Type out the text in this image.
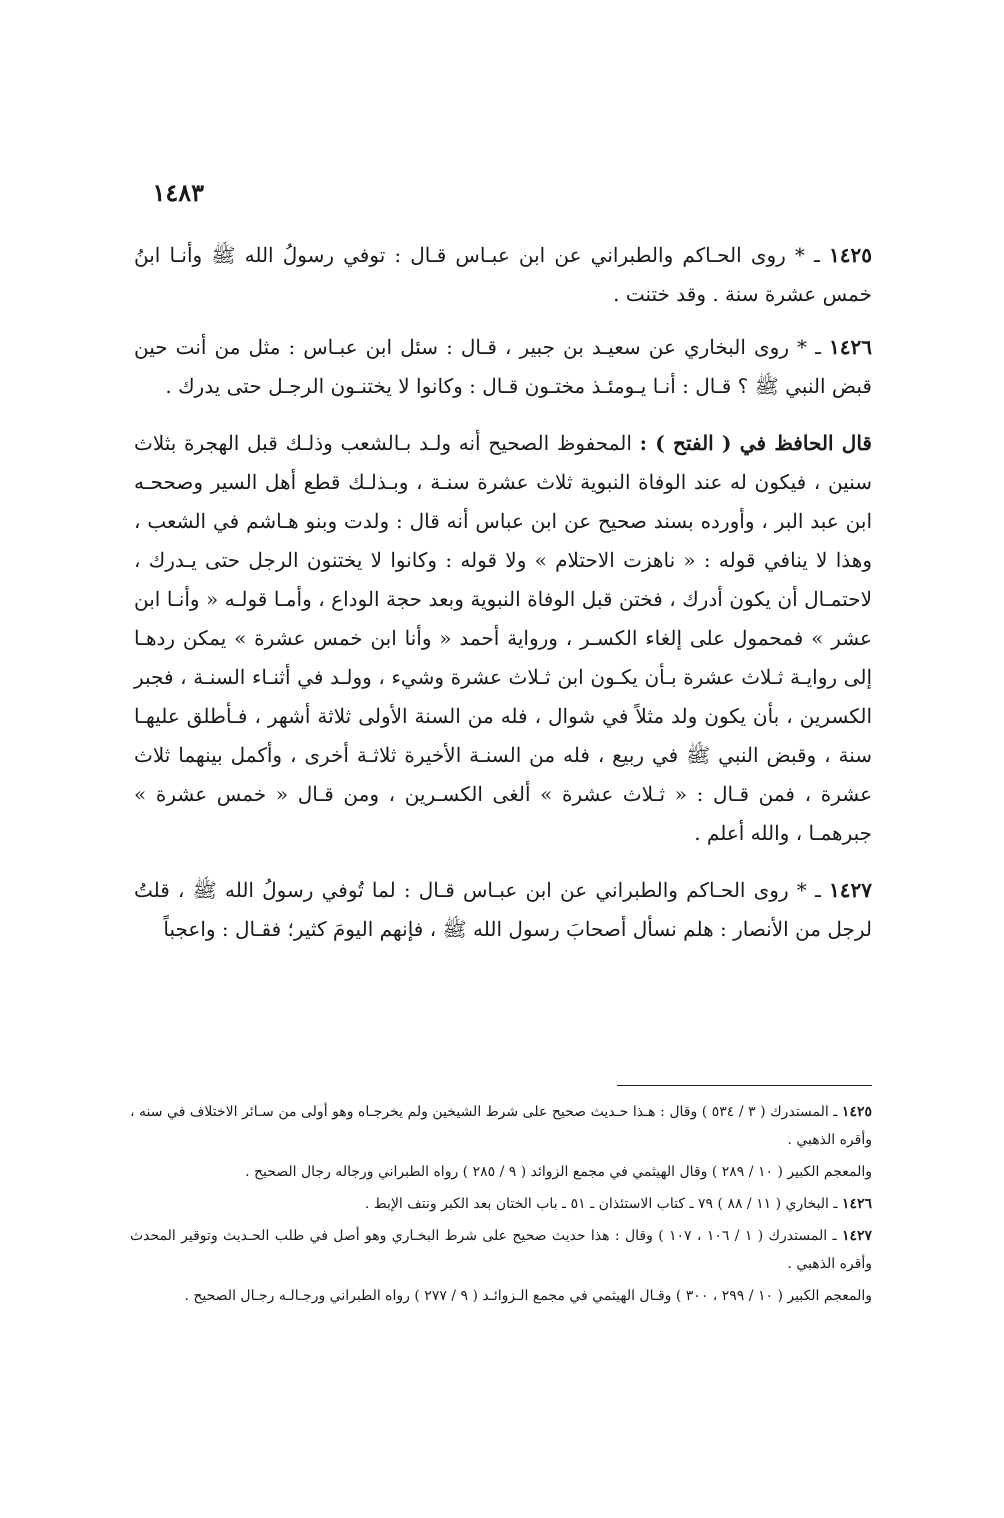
١٤٨٣

١٤٢٥ ـ * روى الحـاكم والطبراني عن ابن عبـاس قـال : توفي رسولُ الله ﷺ وأنـا ابنُ خمس عشرة سنة . وقد ختنت .

١٤٢٦ ـ * روى البخاري عن سعيـد بن جبير ، قـال : سئل ابن عبـاس : مثل من أنت حين قبض النبي ﷺ ؟ قـال : أنـا يـومئـذ مختـون قـال : وكانوا لا يختنـون الرجـل حتى يدرك .

قال الحافظ في ( الفتح ) : المحفوظ الصحيح أنه ولـد بـالشعب وذلـك قبل الهجرة بثلاث سنين ، فيكون له عند الوفاة النبوية ثلاث عشرة سنـة ، وبـذلـك قطع أهل السير وصححـه ابن عبد البر ، وأورده بسند صحيح عن ابن عباس أنه قال : ولدت وبنو هـاشم في الشعب ، وهذا لا ينافي قوله : « ناهزت الاحتلام » ولا قوله : وكانوا لا يختنون الرجل حتى يـدرك ، لاحتمـال أن يكون أدرك ، فختن قبل الوفاة النبوية وبعد حجة الوداع ، وأمـا قولـه « وأنـا ابن عشر » فمحمول على إلغاء الكسـر ، ورواية أحمد « وأنا ابن خمس عشرة » يمكن ردهـا إلى روايـة ثـلاث عشرة بـأن يكـون ابن ثـلاث عشرة وشيء ، وولـد في أثنـاء السنـة ، فجبر الكسرين ، بأن يكون ولد مثلاً في شوال ، فله من السنة الأولى ثلاثة أشهر ، فـأطلق عليهـا سنة ، وقبض النبي ﷺ في ربيع ، فله من السنـة الأخيرة ثلاثـة أخرى ، وأكمل بينهما ثلاث عشرة ، فمن قـال : « ثـلاث عشرة » ألغى الكسـرين ، ومن قـال « خمس عشرة » جبرهمـا ، والله أعلم .

١٤٢٧ ـ * روى الحـاكم والطبراني عن ابن عبـاس قـال : لما تُوفي رسولُ الله ﷺ ، قلتُ لرجل من الأنصار : هلم نسأل أصحابَ رسول الله ﷺ ، فإنهم اليومَ كثير؛ فقـال : واعجباً

١٤٢٥ ـ المستدرك ( ٣ / ٥٣٤ ) وقال : هـذا حـديث صحيح على شرط الشيخين ولم يخرجـاه وهو أولى من سـائر الاختلاف في سنه ، وأقره الذهبي .

والمعجم الكبير ( ١٠ / ٢٨٩ ) وقال الهيثمي في مجمع الزوائد ( ٩ / ٢٨٥ ) رواه الطبراني ورجاله رجال الصحيح .

١٤٢٦ ـ البخاري ( ١١ / ٨٨ ) ٧٩ ـ كتاب الاستئذان ـ ٥١ ـ باب الختان بعد الكبر ونتف الإبط .

١٤٢٧ ـ المستدرك ( ١ / ١٠٦ ، ١٠٧ ) وقال : هذا حديث صحيح على شرط البخـاري وهو أصل في طلب الحـديث وتوقير المحدث وأقره الذهبي .

والمعجم الكبير ( ١٠ / ٢٩٩ ، ٣٠٠ ) وقـال الهيثمي في مجمع الـزوائـد ( ٩ / ٢٧٧ ) رواه الطبراني ورجـالـه رجـال الصحيح .
